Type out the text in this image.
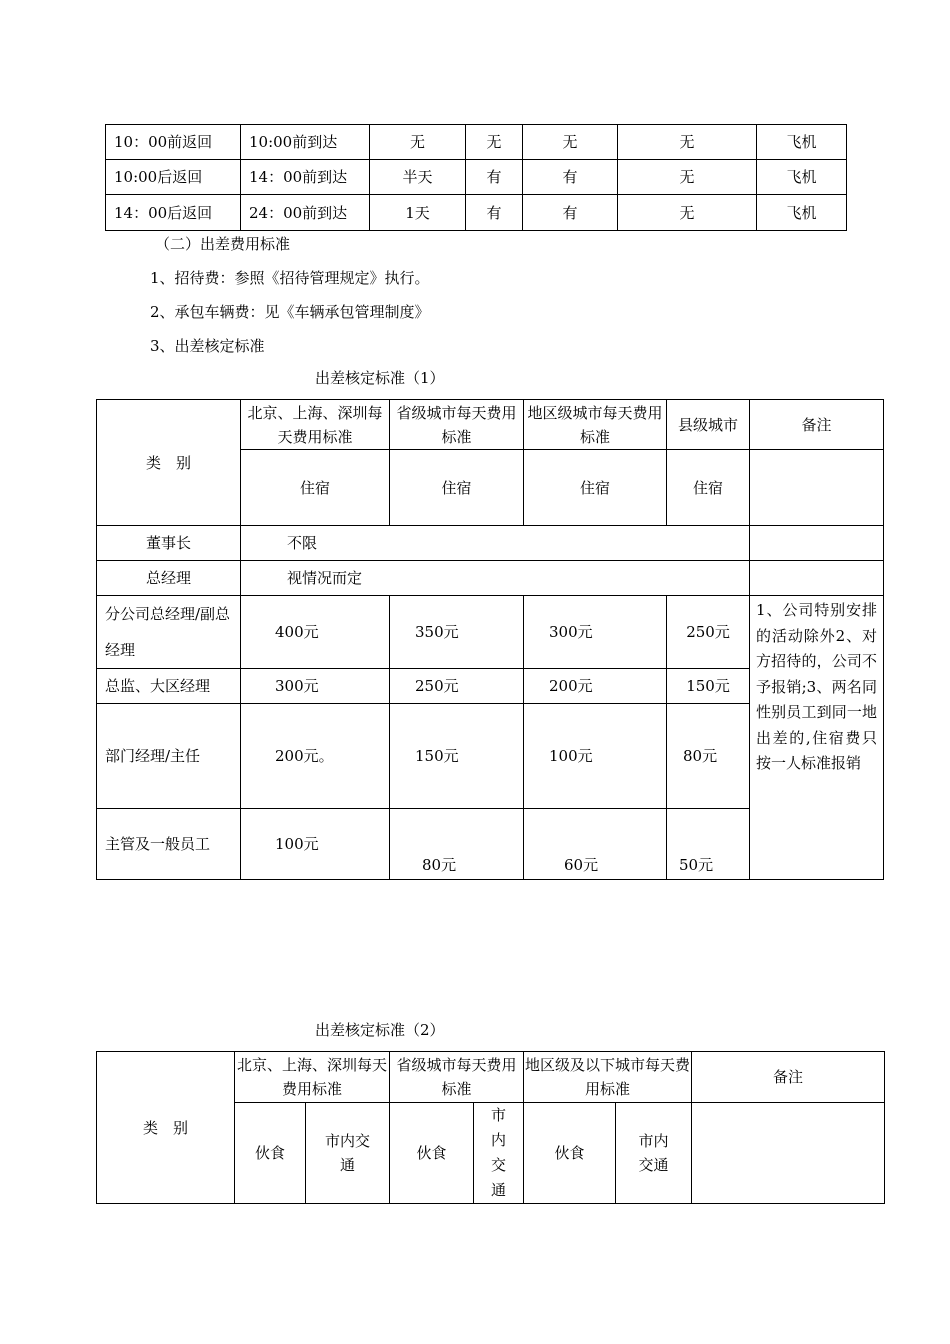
10：00前返回	10:00前到达	无	无	无	无	飞机
10:00后返回	14：00前到达	半天	有	有	无	飞机
14：00后返回	24：00前到达	1天	有	有	无	飞机
（二）出差费用标准
1、招待费：参照《招待管理规定》执行。
2、承包车辆费：见《车辆承包管理制度》
3、出差核定标准
出差核定标准（1）
类　别	北京、上海、深圳每天费用标准	省级城市每天费用标准	地区级城市每天费用标准	县级城市	备注
	住宿	住宿	住宿	住宿	
董事长	不限				
总经理	视情况而定				
分公司总经理/副总经理	400元	350元	300元	250元	1、公司特别安排的活动除外2、对方招待的，公司不予报销;3、两名同性别员工到同一地出差的,住宿费只按一人标准报销
总监、大区经理	300元	250元	200元	150元	
部门经理/主任	200元。	150元	100元	80元	
主管及一般员工	100元	80元	60元	50元	
出差核定标准（2）
类　别	北京、上海、深圳每天费用标准		省级城市每天费用标准		地区级及以下城市每天费用标准		备注
	伙食	市内交通	伙食	市内交通	伙食	市内交通	
